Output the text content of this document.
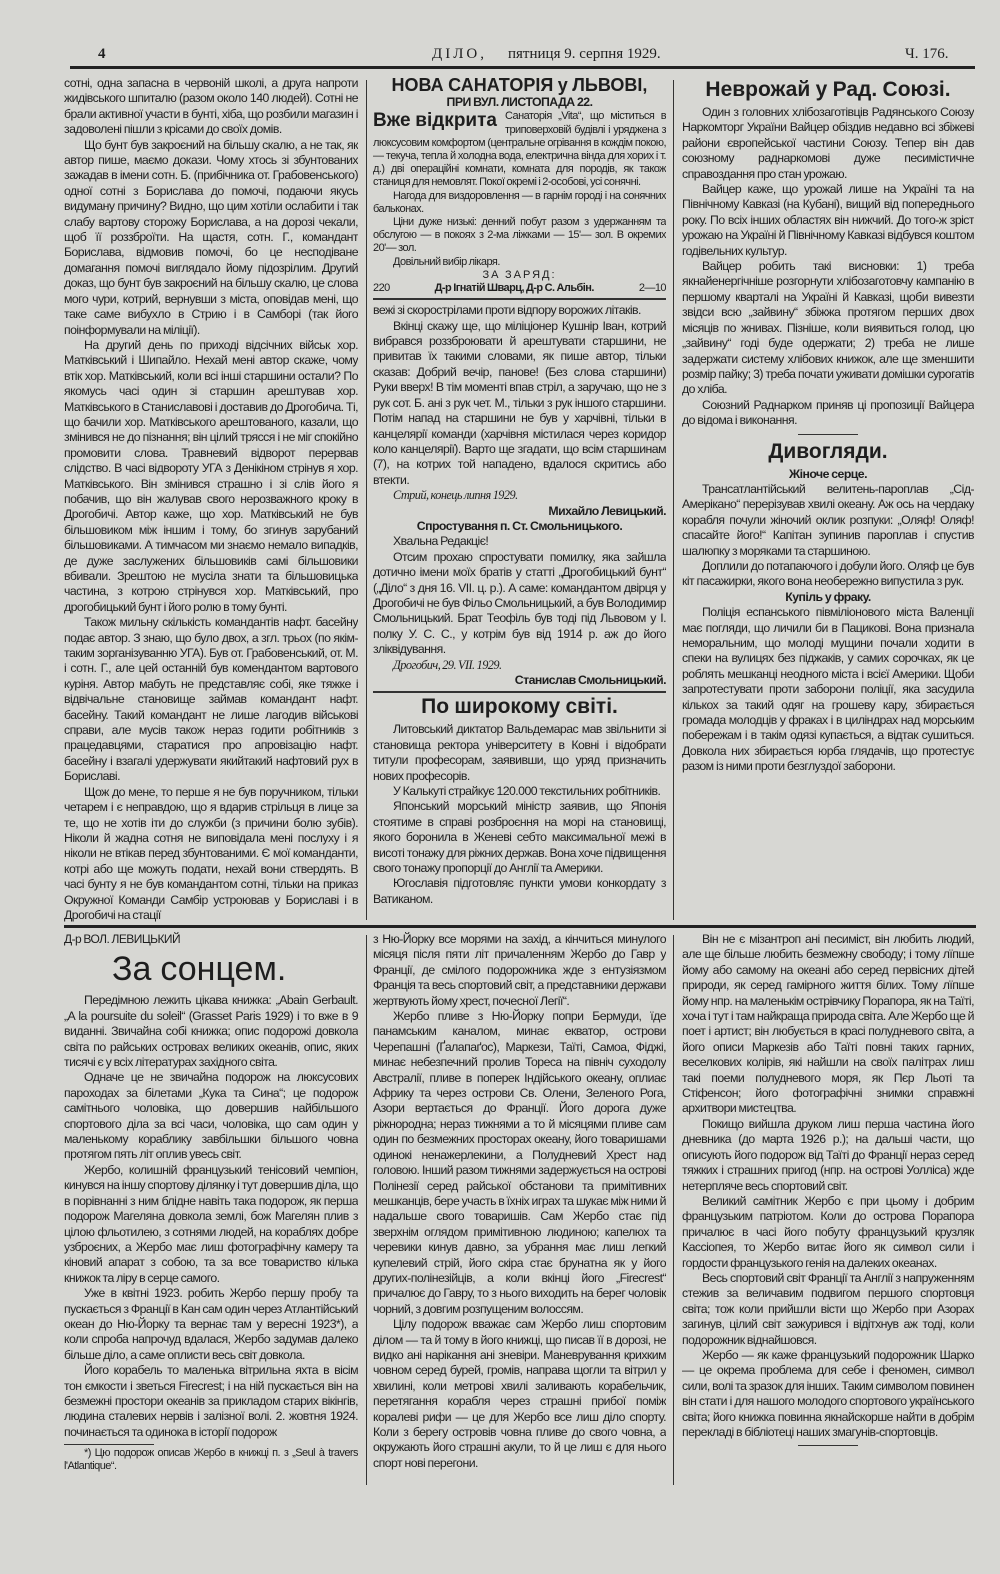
4	ДІЛО, пятниця 9. серпня 1929.	Ч. 176.

сотні, одна запасна в червоній школі, а друга напроти жидівського шпиталю (разом около 140 людей). Сотні не брали активної участи в бунті, хіба, що розбили магазин і задоволені пішли з крісами до своїх домів.

Що бунт був закроєний на більшу скалю, а не так, як автор пише, маємо докази. Чому хтось зі збунтованих зажадав в імени сотн. Б. (прибічника от. Грабовенського) одної сотні з Борислава до помочі, подаючи якусь видуману причину? Видно, що цим хотіли ослабити і так слабу вартову сторожу Борислава, а на дорозі чекали, щоб її роззброїти. На щастя, сотн. Г., командант Борислава, відмовив помочі, бо це несподіване домагання помочі виглядало йому підозрілим. Другий доказ, що бунт був закроєний на більшу скалю, це слова мого чури, котрий, вернувши з міста, оповідав мені, що таке саме вибухло в Стрию і в Самборі (так його поінформували на міліції).

На другий день по приході відсічних військ хор. Матківський і Шипайло. Нехай мені автор скаже, чому втік хор. Матківський, коли всі інші старшини остали? По якомусь часі один зі старшин арештував хор. Матківського в Станиславові і доставив до Дрогобича. Ті, що бачили хор. Матківського арештованого, казали, що змінився не до пізнання; він цілий трясся і не міг спокійно промовити слова. Травневий відворот перервав слідство. В часі відвороту УГА з Денікіном стрінув я хор. Матківського. Він змінився страшно і зі слів його я побачив, що він жалував свого нерозважного кроку в Дрогобичі. Автор каже, що хор. Матківський не був більшовиком між іншим і тому, бо згинув зарубаний більшовиками. А тимчасом ми знаємо немало випадків, де дуже заслужених більшовиків самі більшовики вбивали. Зрештою не мусіла знати та більшовицька частина, з котрою стрінувся хор. Матківський, про дрогобицький бунт і його ролю в тому бунті.

Також мильну скількість командантів нафт. басейну подає автор. З знаю, що було двох, а згл. трьох (по якім-таким зорганізуванню УГА). Був от. Грабовенський, от. М. і сотн. Г., але цей останній був комендантом вартового куріня. Автор мабуть не представляє собі, яке тяжке і відвічальне становище займав командант нафт. басейну. Такий командант не лише лагодив військові справи, але мусів також нераз годити робітників з працедавцями, старатися про апровізацію нафт. басейну і взагалі удержувати якийтакий нафтовий рух в Бориславі.

Щож до мене, то перше я не був поручником, тільки четарем і є неправдою, що я вдарив стрільця в лице за те, що не хотів іти до служби (з причини болю зубів). Ніколи й жадна сотня не виповідала мені послуху і я ніколи не втікав перед збунтованими. Є мої команданти, котрі або ще можуть подати, нехай вони ствердять. В часі бунту я не був командантом сотні, тільки на приказ Окружної Команди Самбір устроював у Бориславі і в Дрогобичі на стації

НОВА САНАТОРІЯ у ЛЬВОВІ,

ПРИ ВУЛ. ЛИСТОПАДА 22.

Вже відкрита Санаторія „Vita“, що міститься в триповерховій будівлі і уряджена з люксусовим комфортом (центральне огрівання в кождім покою, — текуча, тепла й холодна вода, електрична вінда для хорих і т. д.) дві операційні комнати, комната для породів, як також станиця для немовлят. Покої окремі і 2-особові, усі сонячні.

Нагода для виздоровлення — в гарнім городі і на сонячних бальконах.

Ціни дуже низькі: денний побут разом з удержанням та обслугою — в покоях з 2-ма ліжками — 15'— зол. В окремих 20'— зол.

Довільний вибір лікаря.

ЗА ЗАРЯД:

220	Д-р Ігнатій Шварц, Д-р С. Альбін.	2—10

вежі зі скорострілами проти відпору ворожих літаків.

Вкінці скажу ще, що міліціонер Кушнір Іван, котрий вибрався роззброювати й арештувати старшини, не привитав їх такими словами, як пише автор, тільки сказав: Добрий вечір, панове! (Без слова старшини) Руки вверх! В тім моменті впав стріл, а заручаю, що не з рук сот. Б. ані з рук чет. М., тільки з рук іншого старшини. Потім напад на старшини не був у харчівні, тільки в канцелярії команди (харчівня містилася через коридор коло канцелярії). Варто ще згадати, що всім старшинам (7), на котрих той нападено, вдалося скритись або втекти.

Стрий, конець липня 1929.

Михайло Левицький.

Спростування п. Ст. Смольницького.

Хвальна Редакціє!

Отсим прохаю спростувати помилку, яка зайшла дотично імени моїх братів у статті „Дрогобицький бунт“ („Діло“ з дня 16. VII. ц. р.). А саме: командантом двірця у Дрогобичі не був Фільо Смольницький, а був Володимир Смольницький. Брат Теофіль був тоді під Львовом у І. полку У. С. С., у котрім був від 1914 р. аж до його зліквідування.

Дрогобич, 29. VII. 1929.

Станислав Смольницький.

По широкому світі.

Литовський диктатор Вальдемарас мав звільнити зі становища ректора університету в Ковні і відобрати титули професорам, заявивши, що уряд призначить нових професорів.

У Калькуті страйкує 120.000 текстильних робітників.

Японський морський міністр заявив, що Японія стоятиме в справі розброєння на морі на становищі, якого боронила в Женеві себто максимальної межі в висоті тонажу для ріжних держав. Вона хоче підвищення свого тонажу пропорції до Англії та Америки.

Югославія підготовляє пункти умови конкордату з Ватиканом.

Неврожай у Рад. Союзі.

Один з головних хлібозаготівців Радянського Союзу Наркомторг України Вайцер обіздив недавно всі збіжеві райони європейської частини Союзу. Тепер він дав союзному раднаркомові дуже песимістичне справоздання про стан урожаю.

Вайцер каже, що урожай лише на Україні та на Північному Кавказі (на Кубані), вищий від попереднього року. По всіх інших областях він нижчий. До того-ж зріст урожаю на Україні й Північному Кавказі відбувся коштом годівельних культур.

Вайцер робить такі висновки: 1) треба якнайенергічніше розгорнути хлібозаготовчу кампанію в першому кварталі на Україні й Кавказі, щоби вивезти звідси всю „зайвину“ збіжжа протягом перших двох місяців по жнивах. Пізніше, коли виявиться голод, цю „зайвину“ годі буде одержати; 2) треба не лише задержати систему хлібових книжок, але ще зменшити розмір пайку; 3) треба почати уживати домішки сурогатів до хліба.

Союзний Раднарком приняв ці пропозиції Вайцера до відома і виконання.

Дивогляди.

Жіноче серце.

Трансатлантійський велитень-пароплав „Сід-Амерікано“ перерізував хвилі океану. Аж ось на чердаку корабля почули жіночий оклик розпуки: „Оляф! Оляф! спасайте його!“ Капітан зупинив пароплав і спустив шалюпку з моряками та старшиною.

Доплили до потапаючого і добули його. Оляф це був кіт пасажирки, якого вона необережно випустила з рук.

Купіль у фраку.

Поліція еспанського півміліонового міста Валенції має погляди, що личили би в Пацикові. Вона признала неморальним, що молоді мущини почали ходити в спеки на вулицях без піджаків, у самих сорочках, як це роблять мешканці неодного міста і всієї Америки. Щоби запротестувати проти заборони поліції, яка засудила кількох за такий одяг на грошеву кару, збирається громада молодців у фраках і в циліндрах над морським побережам і в такім одязі купається, а відтак сушиться. Довкола них збирається юрба глядачів, що протестує разом із ними проти безглуздої заборони.

Д-р ВОЛ. ЛЕВИЦЬКИЙ

За сонцем.

Передімною лежить цікава книжка: „Abain Gerbault. „A la poursuite du soleil“ (Grasset Paris 1929) і то вже в 9 виданні. Звичайна собі книжка; опис подорожі довкола світа по райських островах великих океанів, опис, яких тисячі є у всіх літературах західного світа.

Одначе це не звичайна подорож на люксусових пароходах за білетами „Кука та Сина“; це подорож самітнього чоловіка, що довершив найбільшого спортового діла за всі часи, чоловіка, що сам один у маленькому кораблику завбільшки більшого човна протягом пять літ оплив увесь світ.

Жербо, колишній французький тенісовий чемпіон, кинувся на іншу спортову ділянку і тут довершив діла, що в порівнанні з ним блідне навіть така подорож, як перша подорож Магеляна довкола землі, бож Магелян плив з цілою фльотилею, з сотнями людей, на кораблях добре узброєних, а Жербо має лиш фотографічну камеру та кіновий апарат з собою, та за все товариство кілька книжок та ліру в серце самого.

Уже в квітні 1923. робить Жербо першу пробу та пускається з Франції в Кан сам один через Атлантійський океан до Ню-Йорку та вернає там у вересні 1923*), а коли спроба напрочуд вдалася, Жербо задумав далеко більше діло, а саме оплисти весь світ довкола.

Його корабель то маленька вітрильна яхта в вісім тон ємкости і зветься Firecrest; і на ній пускається він на безмежні простори океанів за прикладом старих вікінгів, людина сталевих нервів і залізної волі. 2. жовтня 1924. починається та одинока в історії подорож

*) Цю подорож описав Жербо в книжці п. з „Seul à travers l'Atlantique“.

з Ню-Йорку все морями на захід, а кінчиться минулого місяця після пяти літ причаленням Жербо до Гавр у Франції, де смілого подорожника жде з ентузіязмом Франція та весь спортовий світ, а представники держави жертвують йому хрест, почесної Легії“.

Жербо пливе з Ню-Йорку попри Бермуди, їде панамським каналом, минає екватор, острови Черепашні (Ґалапаґос), Маркези, Таїті, Самоа, Фіджі, минає небезпечний пролив Тореса на північ суходолу Австралії, пливе в поперек Індійського океану, оплиає Африку та через острови Св. Олени, Зеленого Рога, Азори вертається до Франції. Його дорога дуже ріжнородна; нераз тижнями а то й місяцями пливе сам один по безмежних просторах океану, його товаришами одинокі ненажерлекини, а Полудневий Хрест над головою. Інший разом тижнями задержується на острові Полінезії серед райської обстанови та примітивних мешканців, бере участь в їхніх играх та шукає між ними й надальше свого товаришів. Сам Жербо стає під зверхнім оглядом примітивною людиною; капелюх та черевики кинув давно, за убрання має лиш легкий купелевий стрій, його скіра стає брунатна як у його других-полінезійців, а коли вкінці його „Firecrest“ причалює до Гавру, то з нього виходить на берег чоловік чорний, з довгим розпущеним волоссям.

Цілу подорож вважає сам Жербо лиш спортовим ділом — та й тому в його книжці, що писав її в дорозі, не видко ані нарікання ані зневіри. Маневрування крихким човном серед бурей, громів, направа щогли та вітрил у хвилині, коли метрові хвилі заливають корабельчик, перетягання корабля через страшні прибої поміж коралеві рифи — це для Жербо все лиш діло спорту. Коли з берегу островів човна пливе до свого човна, а окружають його страшні акули, то й це лиш є для нього спорт нові перегони.

Він не є мізантроп ані песиміст, він любить людий, але ще більше любить безмежну свободу; і тому лїпше йому або самому на океані або серед первісних дітей природи, як серед гамірного життя білих. Тому лїпше йому нпр. на маленькім острівчику Порапора, як на Таїті, хоча і тут і там найкраща природа світа. Але Жербо ще й поет і артист; він любується в красі полудневого світа, а його описи Маркезів або Таїті повні таких гарних, веселкових колірів, які найшли на своїх палітрах лиш такі поеми полудневого моря, як Пєр Льоті та Стіфенсон; його фотографічні знимки справжні архитвори мистецтва.

Покищо вийшла друком лиш перша частина його дневника (до марта 1926 р.); на дальші части, що описують його подорож від Таїті до Франції нераз серед тяжких і страшних пригод (нпр. на острові Уолліса) жде нетерпляче весь спортовий світ.

Великий самітник Жербо є при цьому і добрим французьким патріотом. Коли до острова Порапора причалює в часі його побуту французький крузляк Кассіопея, то Жербо витає його як символ сили і гордости французького генія на далеких океанах.

Весь спортовий світ Франції та Англії з напруженням стежив за величавим подвигом першого спортовця світа; тож коли прийшли вісти що Жербо при Азорах загинув, цілий світ зажурився і відітхнув аж тоді, коли подорожник віднайшовся.

Жербо — як каже французький подорожник Шарко — це окрема проблема для себе і феномен, символ сили, волі та зразок для інших. Таким символом повинен він стати і для нашого молодого спортового українського світа; його книжка повинна якнайскорше найти в добрім перекладі в бібліотеці наших змагунів-спортовців.
